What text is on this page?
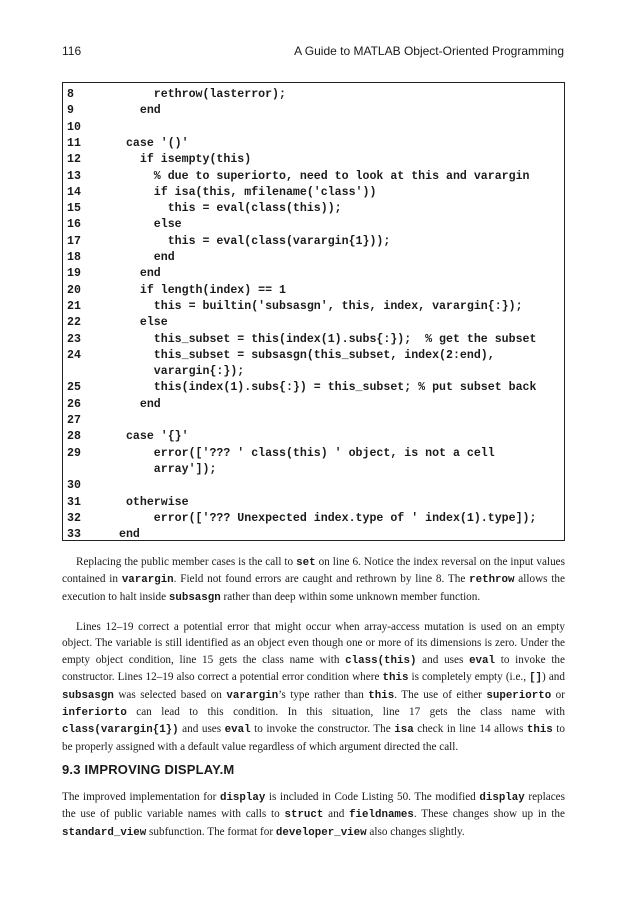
116	A Guide to MATLAB Object-Oriented Programming
8	rethrow(lasterror);
9	end
10
11	case '()'
12	if isempty(this)
13	% due to superiorto, need to look at this and varargin
14	if isa(this, mfilename('class'))
15	this = eval(class(this));
16	else
17	this = eval(class(varargin{1}));
18	end
19	end
20	if length(index) == 1
21	this = builtin('subsasgn', this, index, varargin{:});
22	else
23	this_subset = this(index(1).subs{:});  % get the subset
24	this_subset = subsasgn(this_subset, index(2:end),
varargin{:});
25	this(index(1).subs{:}) = this_subset; % put subset back
26	end
27
28	case '{}'
29	error(['??? ' class(this) ' object, is not a cell
array']);
30
31	otherwise
32	error(['??? Unexpected index.type of ' index(1).type]);
33	end

Replacing the public member cases is the call to set on line 6. Notice the index reversal on the input values contained in varargin. Field not found errors are caught and rethrown by line 8. The rethrow allows the execution to halt inside subsasgn rather than deep within some unknown member function.

Lines 12–19 correct a potential error that might occur when array-access mutation is used on an empty object. The variable is still identified as an object even though one or more of its dimensions is zero. Under the empty object condition, line 15 gets the class name with class(this) and uses eval to invoke the constructor. Lines 12–19 also correct a potential error condition where this is completely empty (i.e., []) and subsasgn was selected based on varargin’s type rather than this. The use of either superiorto or inferiorto can lead to this condition. In this situation, line 17 gets the class name with class(varargin{1}) and uses eval to invoke the constructor. The isa check in line 14 allows this to be properly assigned with a default value regardless of which argument directed the call.

9.3 IMPROVING DISPLAY.M

The improved implementation for display is included in Code Listing 50. The modified display replaces the use of public variable names with calls to struct and fieldnames. These changes show up in the standard_view subfunction. The format for developer_view also changes slightly.
